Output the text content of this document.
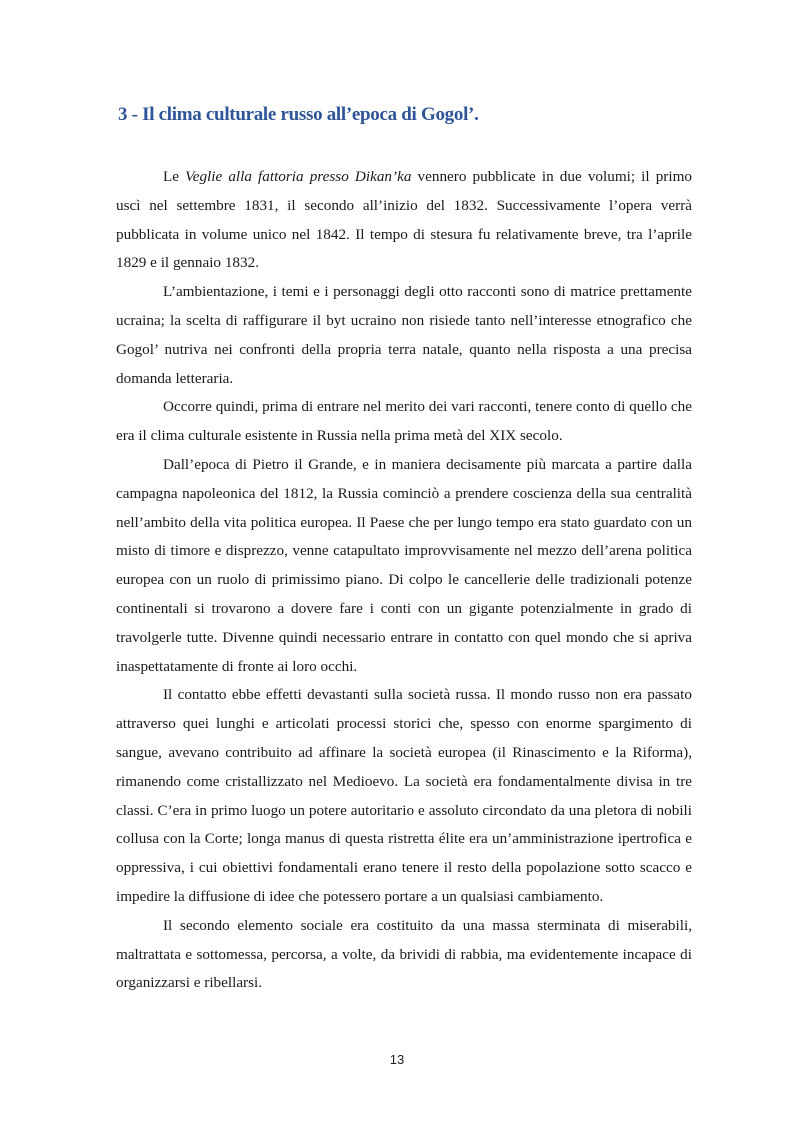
3 - Il clima culturale russo all’epoca di Gogol’.

Le Veglie alla fattoria presso Dikan’ka vennero pubblicate in due volumi; il primo uscì nel settembre 1831, il secondo all’inizio del 1832. Successivamente l’opera verrà pubblicata in volume unico nel 1842. Il tempo di stesura fu relativamente breve, tra l’aprile 1829 e il gennaio 1832.

L’ambientazione, i temi e i personaggi degli otto racconti sono di matrice prettamente ucraina; la scelta di raffigurare il byt ucraino non risiede tanto nell’interesse etnografico che Gogol’ nutriva nei confronti della propria terra natale, quanto nella risposta a una precisa domanda letteraria.

Occorre quindi, prima di entrare nel merito dei vari racconti, tenere conto di quello che era il clima culturale esistente in Russia nella prima metà del XIX secolo.

Dall’epoca di Pietro il Grande, e in maniera decisamente più marcata a partire dalla campagna napoleonica del 1812, la Russia cominciò a prendere coscienza della sua centralità nell’ambito della vita politica europea. Il Paese che per lungo tempo era stato guardato con un misto di timore e disprezzo, venne catapultato improvvisamente nel mezzo dell’arena politica europea con un ruolo di primissimo piano. Di colpo le cancellerie delle tradizionali potenze continentali si trovarono a dovere fare i conti con un gigante potenzialmente in grado di travolgerle tutte. Divenne quindi necessario entrare in contatto con quel mondo che si apriva inaspettatamente di fronte ai loro occhi.

Il contatto ebbe effetti devastanti sulla società russa. Il mondo russo non era passato attraverso quei lunghi e articolati processi storici che, spesso con enorme spargimento di sangue, avevano contribuito ad affinare la società europea (il Rinascimento e la Riforma), rimanendo come cristallizzato nel Medioevo. La società era fondamentalmente divisa in tre classi. C’era in primo luogo un potere autoritario e assoluto circondato da una pletora di nobili collusa con la Corte; longa manus di questa ristretta élite era un’amministrazione ipertrofica e oppressiva, i cui obiettivi fondamentali erano tenere il resto della popolazione sotto scacco e impedire la diffusione di idee che potessero portare a un qualsiasi cambiamento.

Il secondo elemento sociale era costituito da una massa sterminata di miserabili, maltrattata e sottomessa, percorsa, a volte, da brividi di rabbia, ma evidentemente incapace di organizzarsi e ribellarsi.

13
